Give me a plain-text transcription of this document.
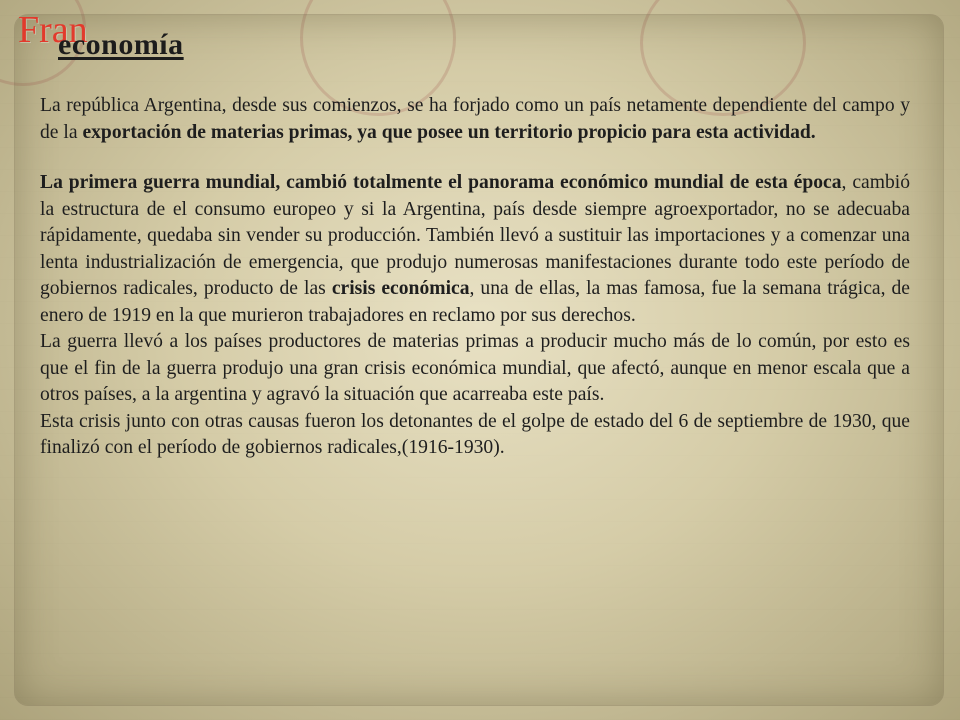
Fran
economía

La república Argentina, desde sus comienzos, se ha forjado como un país netamente dependiente del campo y de la exportación de materias primas, ya que posee un territorio propicio para esta actividad.

La primera guerra mundial, cambió totalmente el panorama económico mundial de esta época, cambió la estructura de el consumo europeo y si la Argentina, país desde siempre agroexportador, no se adecuaba rápidamente, quedaba sin vender su producción. También llevó a sustituir las importaciones y a comenzar una lenta industrialización de emergencia, que produjo numerosas manifestaciones durante todo este período de gobiernos radicales, producto de las crisis económica, una de ellas, la mas famosa, fue la semana trágica, de enero de 1919 en la que murieron trabajadores en reclamo por sus derechos.

La guerra llevó a los países productores de materias primas a producir mucho más de lo común, por esto es que el fin de la guerra produjo una gran crisis económica mundial, que afectó, aunque en menor escala que a otros países, a la argentina y agravó la situación que acarreaba este país.

Esta crisis junto con otras causas fueron los detonantes de el golpe de estado del 6 de septiembre de 1930, que finalizó con el período de gobiernos radicales,(1916-1930).
